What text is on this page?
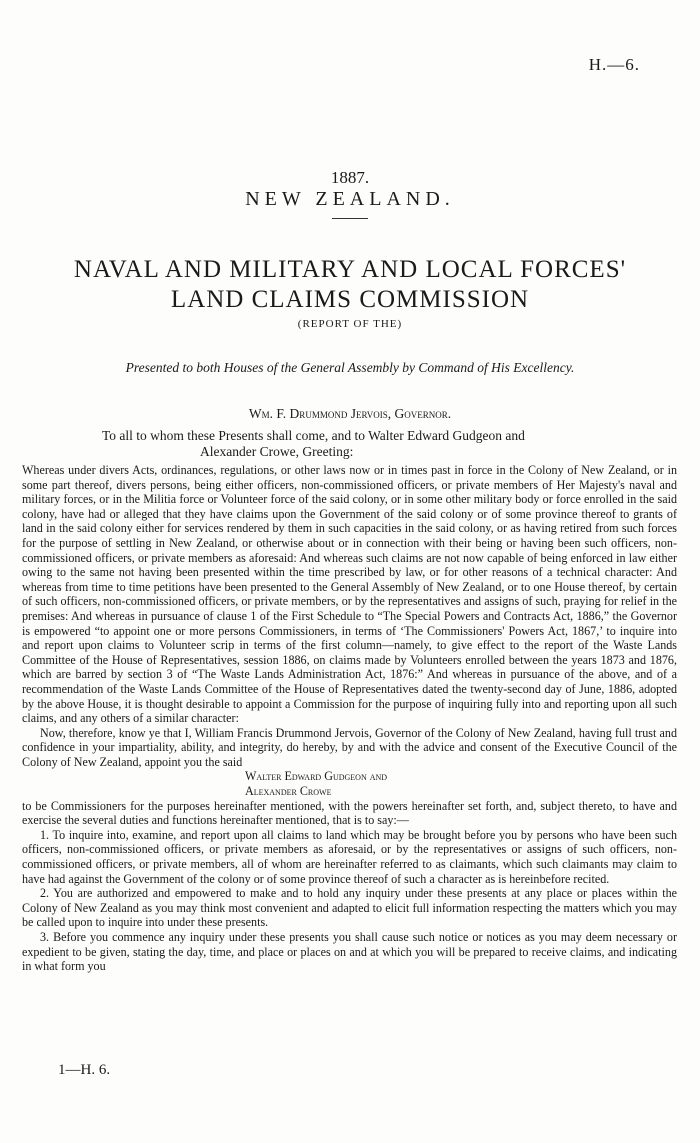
H.—6.
1887.
NEW ZEALAND.
NAVAL AND MILITARY AND LOCAL FORCES' LAND CLAIMS COMMISSION
(REPORT OF THE)
Presented to both Houses of the General Assembly by Command of His Excellency.
Wm. F. Drummond Jervois, Governor.
To all to whom these Presents shall come, and to Walter Edward Gudgeon and
Alexander Crowe, Greeting:

Whereas under divers Acts, ordinances, regulations, or other laws now or in times past in force in the Colony of New Zealand, or in some part thereof, divers persons, being either officers, non-commissioned officers, or private members of Her Majesty's naval and military forces, or in the Militia force or Volunteer force of the said colony, or in some other military body or force enrolled in the said colony, have had or alleged that they have claims upon the Government of the said colony or of some province thereof to grants of land in the said colony either for services rendered by them in such capacities in the said colony, or as having retired from such forces for the purpose of settling in New Zealand, or otherwise about or in connection with their being or having been such officers, non-commissioned officers, or private members as aforesaid: And whereas such claims are not now capable of being enforced in law either owing to the same not having been presented within the time prescribed by law, or for other reasons of a technical character: And whereas from time to time petitions have been presented to the General Assembly of New Zealand, or to one House thereof, by certain of such officers, non-commissioned officers, or private members, or by the representatives and assigns of such, praying for relief in the premises: And whereas in pursuance of clause 1 of the First Schedule to “The Special Powers and Contracts Act, 1886,” the Governor is empowered “to appoint one or more persons Commissioners, in terms of ‘The Commissioners' Powers Act, 1867,’ to inquire into and report upon claims to Volunteer scrip in terms of the first column—namely, to give effect to the report of the Waste Lands Committee of the House of Representatives, session 1886, on claims made by Volunteers enrolled between the years 1873 and 1876, which are barred by section 3 of “The Waste Lands Administration Act, 1876:” And whereas in pursuance of the above, and of a recommendation of the Waste Lands Committee of the House of Representatives dated the twenty-second day of June, 1886, adopted by the above House, it is thought desirable to appoint a Commission for the purpose of inquiring fully into and reporting upon all such claims, and any others of a similar character:

Now, therefore, know ye that I, William Francis Drummond Jervois, Governor of the Colony of New Zealand, having full trust and confidence in your impartiality, ability, and integrity, do hereby, by and with the advice and consent of the Executive Council of the Colony of New Zealand, appoint you the said

Walter Edward Gudgeon and

Alexander Crowe

to be Commissioners for the purposes hereinafter mentioned, with the powers hereinafter set forth, and, subject thereto, to have and exercise the several duties and functions hereinafter mentioned, that is to say:—

1. To inquire into, examine, and report upon all claims to land which may be brought before you by persons who have been such officers, non-commissioned officers, or private members as aforesaid, or by the representatives or assigns of such officers, non-commissioned officers, or private members, all of whom are hereinafter referred to as claimants, which such claimants may claim to have had against the Government of the colony or of some province thereof of such a character as is hereinbefore recited.

2. You are authorized and empowered to make and to hold any inquiry under these presents at any place or places within the Colony of New Zealand as you may think most convenient and adapted to elicit full information respecting the matters which you may be called upon to inquire into under these presents.

3. Before you commence any inquiry under these presents you shall cause such notice or notices as you may deem necessary or expedient to be given, stating the day, time, and place or places on and at which you will be prepared to receive claims, and indicating in what form you

1—H. 6.
